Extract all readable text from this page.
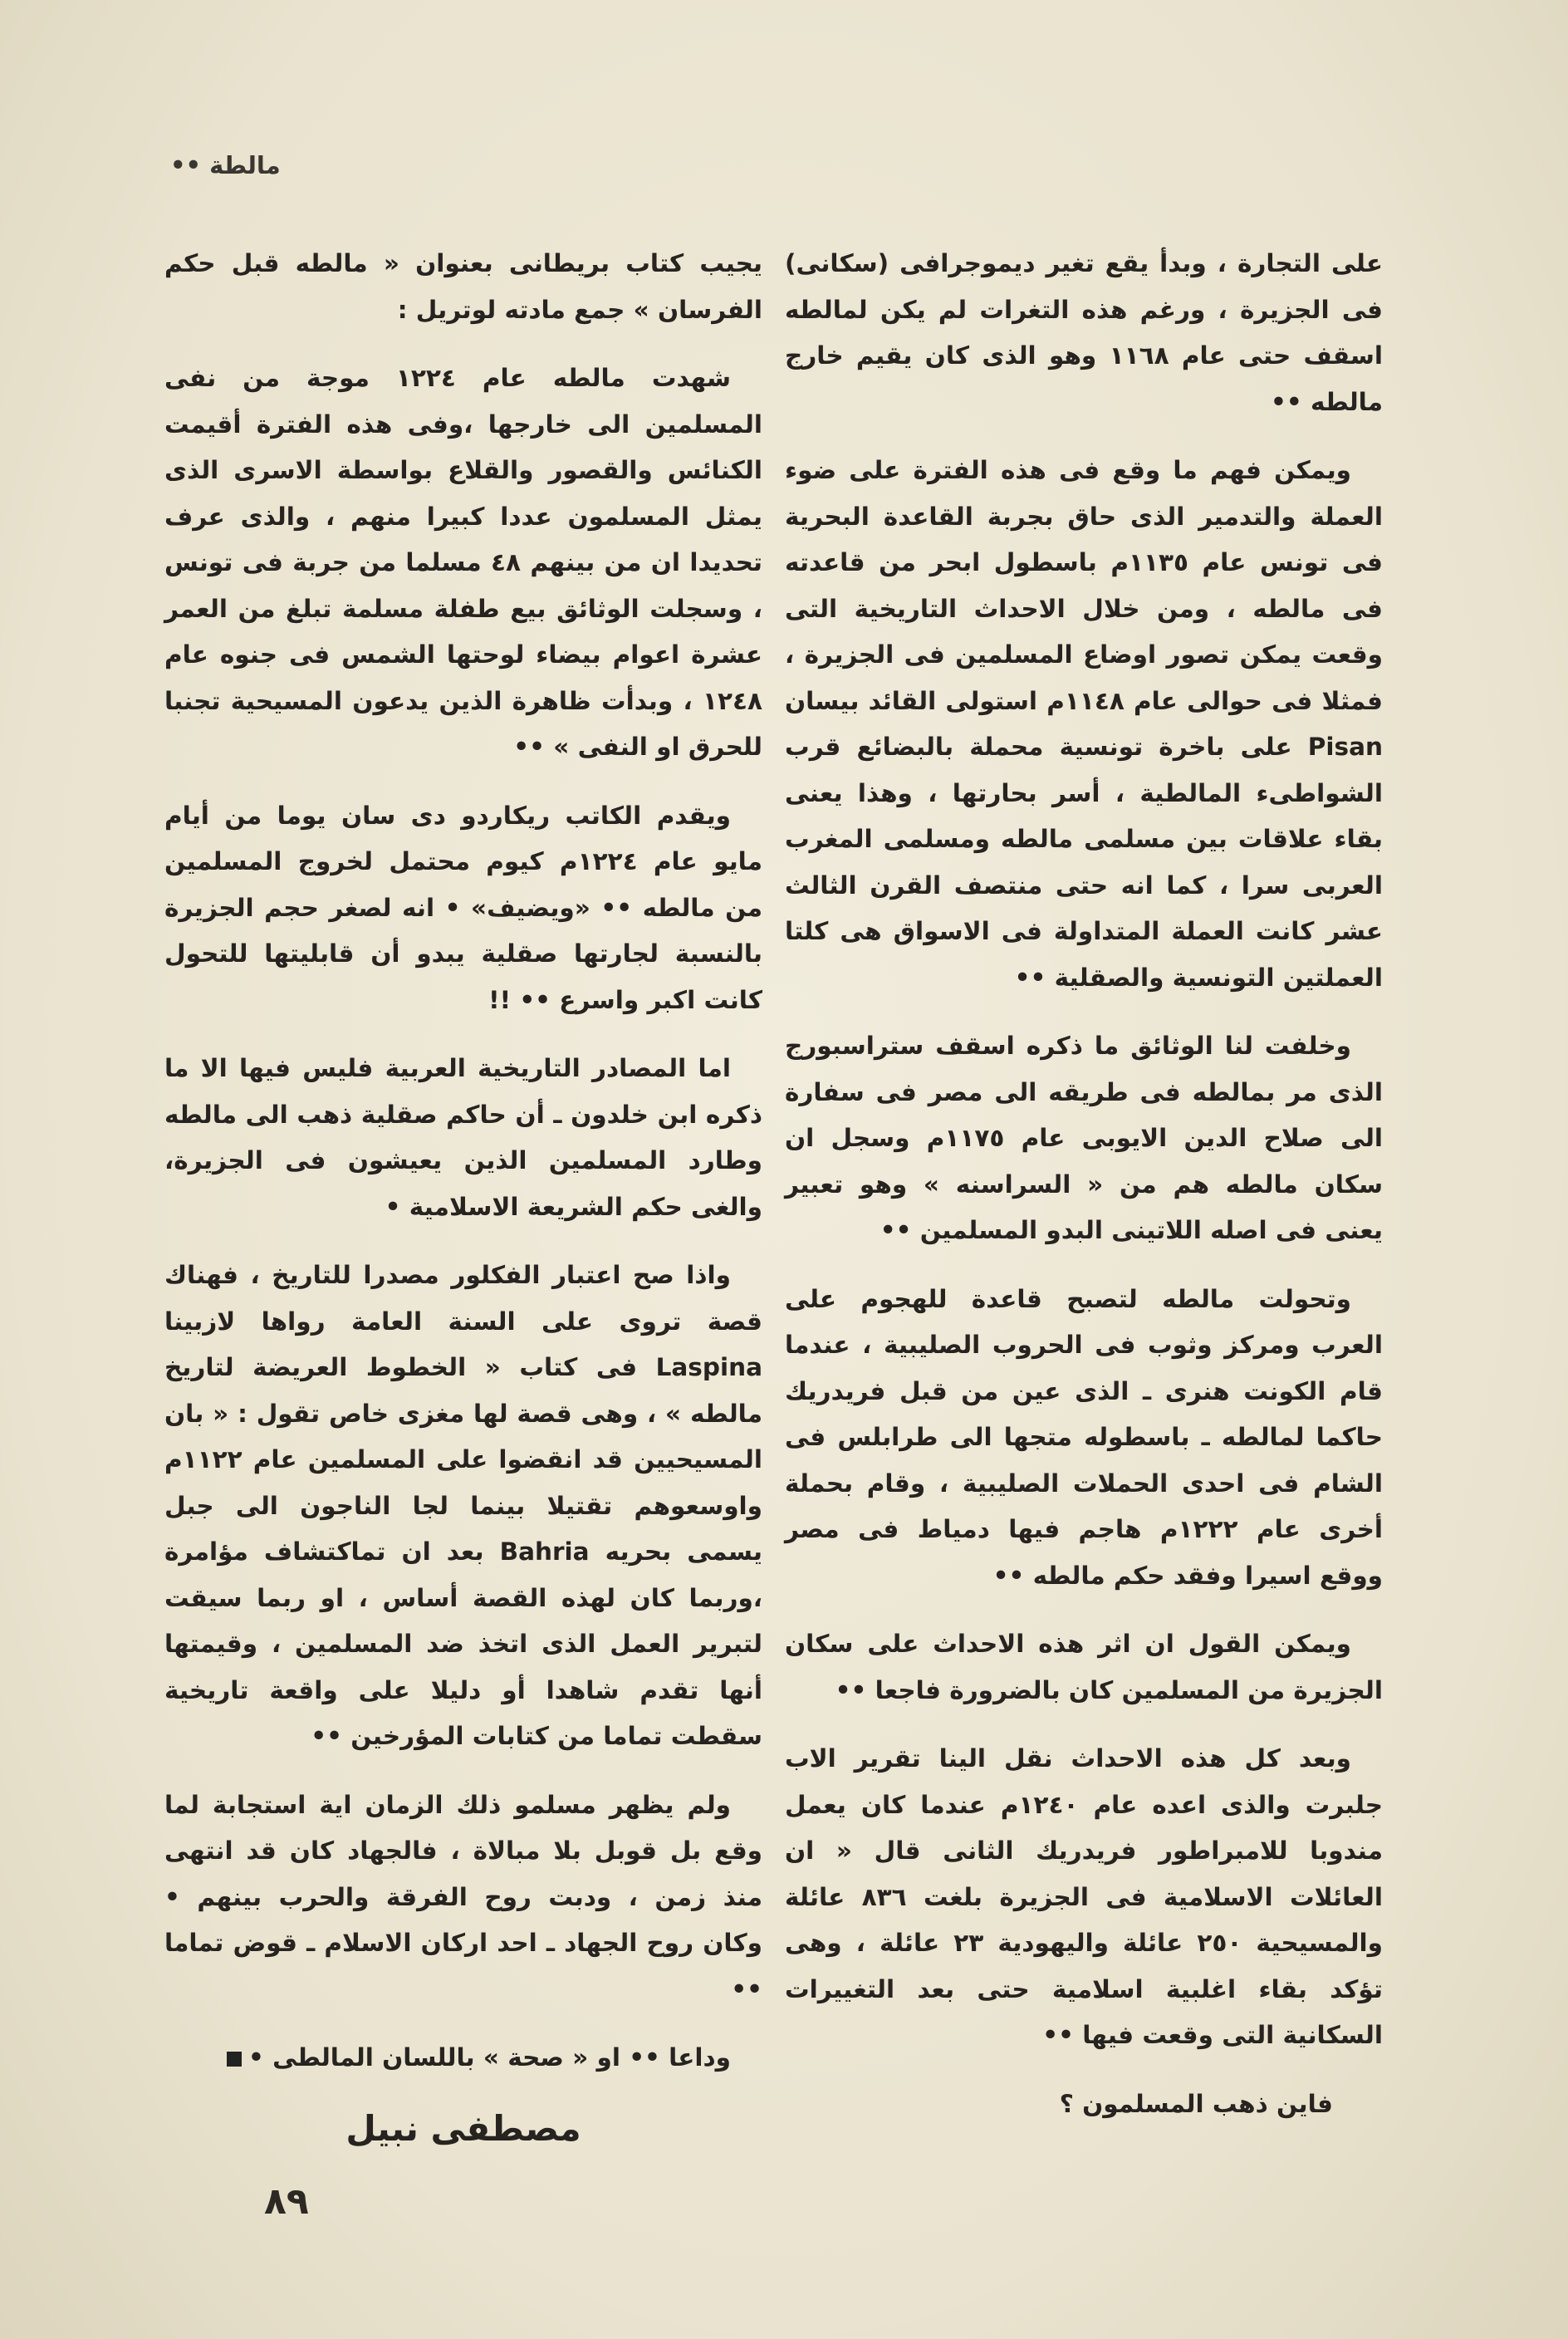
مالطة ••

على التجارة ، وبدأ يقع تغير ديموجرافى (سكانى) فى الجزيرة ، ورغم هذه التغرات لم يكن لمالطه اسقف حتى عام ١١٦٨ وهو الذى كان يقيم خارج مالطه ••

ويمكن فهم ما وقع فى هذه الفترة على ضوء العملة والتدمير الذى حاق بجربة القاعدة البحرية فى تونس عام ١١٣٥م باسطول ابحر من قاعدته فى مالطه ، ومن خلال الاحداث التاريخية التى وقعت يمكن تصور اوضاع المسلمين فى الجزيرة ، فمثلا فى حوالى عام ١١٤٨م استولى القائد بيسان Pisan على باخرة تونسية محملة بالبضائع قرب الشواطىء المالطية ، أسر بحارتها ، وهذا يعنى بقاء علاقات بين مسلمى مالطه ومسلمى المغرب العربى سرا ، كما انه حتى منتصف القرن الثالث عشر كانت العملة المتداولة فى الاسواق هى كلتا العملتين التونسية والصقلية ••

وخلفت لنا الوثائق ما ذكره اسقف ستراسبورج الذى مر بمالطه فى طريقه الى مصر فى سفارة الى صلاح الدين الايوبى عام ١١٧٥م وسجل ان سكان مالطه هم من « السراسنه » وهو تعبير يعنى فى اصله اللاتينى البدو المسلمين ••

وتحولت مالطه لتصبح قاعدة للهجوم على العرب ومركز وثوب فى الحروب الصليبية ، عندما قام الكونت هنرى ـ الذى عين من قبل فريدريك حاكما لمالطه ـ باسطوله متجها الى طرابلس فى الشام فى احدى الحملات الصليبية ، وقام بحملة أخرى عام ١٢٢٢م هاجم فيها دمياط فى مصر ووقع اسيرا وفقد حكم مالطه ••

ويمكن القول ان اثر هذه الاحداث على سكان الجزيرة من المسلمين كان بالضرورة فاجعا ••

وبعد كل هذه الاحداث نقل الينا تقرير الاب جلبرت والذى اعده عام ١٢٤٠م عندما كان يعمل مندوبا للامبراطور فريدريك الثانى قال « ان العائلات الاسلامية فى الجزيرة بلغت ٨٣٦ عائلة والمسيحية ٢٥٠ عائلة واليهودية ٢٣ عائلة ، وهى تؤكد بقاء اغلبية اسلامية حتى بعد التغييرات السكانية التى وقعت فيها ••

فاين ذهب المسلمون ؟

يجيب كتاب بريطانى بعنوان « مالطه قبل حكم الفرسان » جمع مادته لوتريل :

شهدت مالطه عام ١٢٢٤ موجة من نفى المسلمين الى خارجها ،وفى هذه الفترة أقيمت الكنائس والقصور والقلاع بواسطة الاسرى الذى يمثل المسلمون عددا كبيرا منهم ، والذى عرف تحديدا ان من بينهم ٤٨ مسلما من جربة فى تونس ، وسجلت الوثائق بيع طفلة مسلمة تبلغ من العمر عشرة اعوام بيضاء لوحتها الشمس فى جنوه عام ١٢٤٨ ، وبدأت ظاهرة الذين يدعون المسيحية تجنبا للحرق او النفى » ••

ويقدم الكاتب ريكاردو دى سان يوما من أيام مايو عام ١٢٢٤م كيوم محتمل لخروج المسلمين من مالطه •• «ويضيف» • انه لصغر حجم الجزيرة بالنسبة لجارتها صقلية يبدو أن قابليتها للتحول كانت اكبر واسرع •• !!

اما المصادر التاريخية العربية فليس فيها الا ما ذكره ابن خلدون ـ أن حاكم صقلية ذهب الى مالطه وطارد المسلمين الذين يعيشون فى الجزيرة، والغى حكم الشريعة الاسلامية •

واذا صح اعتبار الفكلور مصدرا للتاريخ ، فهناك قصة تروى على السنة العامة رواها لازبينا Laspina فى كتاب « الخطوط العريضة لتاريخ مالطه » ، وهى قصة لها مغزى خاص تقول : « بان المسيحيين قد انقضوا على المسلمين عام ١١٢٢م واوسعوهم تقتيلا بينما لجا الناجون الى جبل يسمى بحريه Bahria بعد ان تماكتشاف مؤامرة ،وربما كان لهذه القصة أساس ، او ربما سيقت لتبرير العمل الذى اتخذ ضد المسلمين ، وقيمتها أنها تقدم شاهدا أو دليلا على واقعة تاريخية سقطت تماما من كتابات المؤرخين ••

ولم يظهر مسلمو ذلك الزمان اية استجابة لما وقع بل قوبل بلا مبالاة ، فالجهاد كان قد انتهى منذ زمن ، ودبت روح الفرقة والحرب بينهم • وكان روح الجهاد ـ احد اركان الاسلام ـ قوض تماما ••

وداعا •• او « صحة » باللسان المالطى •

مصطفى نبيل
٨٩
